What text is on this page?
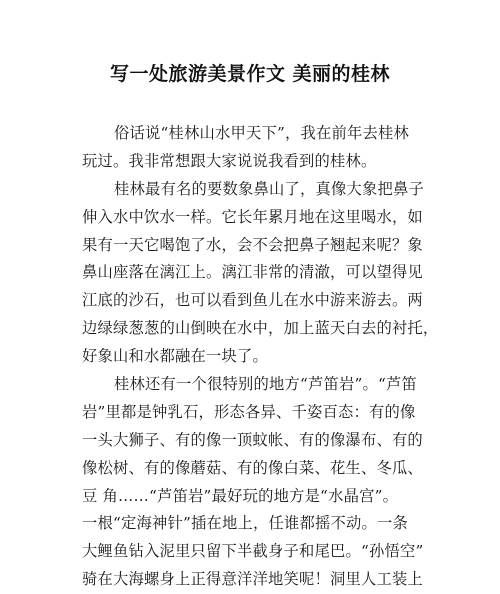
写一处旅游美景作文 美丽的桂林
俗话说“桂林山水甲天下”，我在前年去桂林
玩过。我非常想跟大家说说我看到的桂林。
桂林最有名的要数象鼻山了，真像大象把鼻子
伸入水中饮水一样。它长年累月地在这里喝水，如
果有一天它喝饱了水，会不会把鼻子翘起来呢？象
鼻山座落在漓江上。漓江非常的清澈，可以望得见
江底的沙石，也可以看到鱼儿在水中游来游去。两
边绿绿葱葱的山倒映在水中，加上蓝天白去的衬托，
好象山和水都融在一块了。
桂林还有一个很特别的地方“芦笛岩”。“芦笛
岩”里都是钟乳石，形态各异、千姿百态：有的像
一头大狮子、有的像一顶蚊帐、有的像瀑布、有的
像松树、有的像蘑菇、有的像白菜、花生、冬瓜、
豆 角……“芦笛岩”最好玩的地方是“水晶宫”。
一根“定海神针”插在地上，任谁都摇不动。一条
大鲤鱼钻入泥里只留下半截身子和尾巴。“孙悟空”
骑在大海螺身上正得意洋洋地笑呢！洞里人工装上
